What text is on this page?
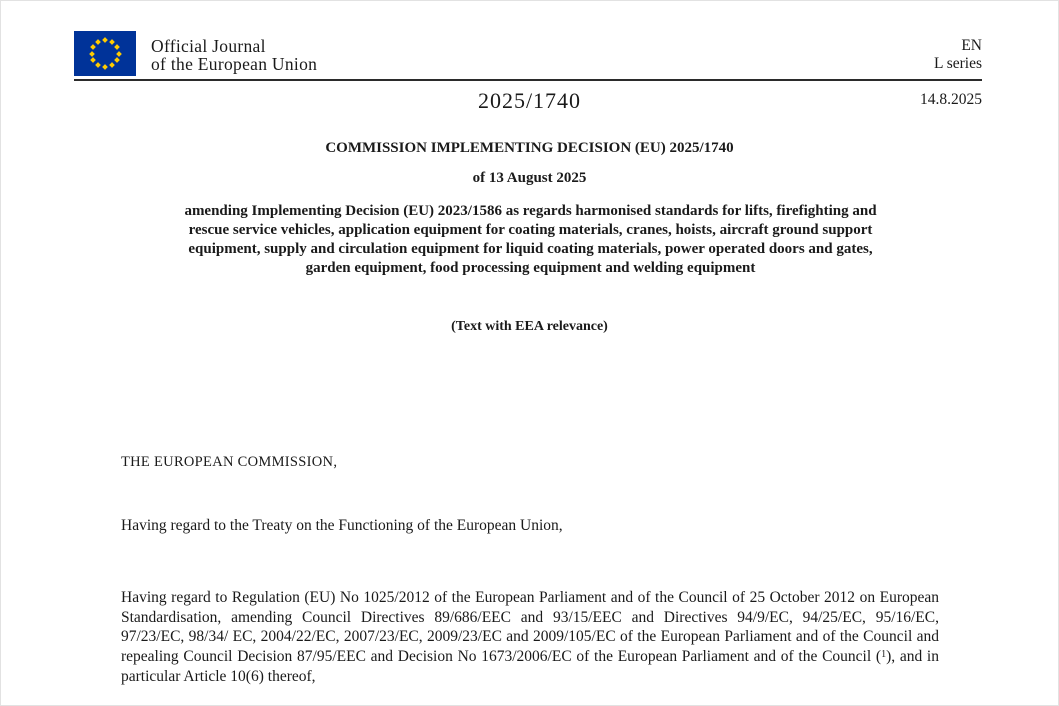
Official Journal
of the European Union
EN
L series
2025/1740	14.8.2025
COMMISSION IMPLEMENTING DECISION (EU) 2025/1740
of 13 August 2025
amending Implementing Decision (EU) 2023/1586 as regards harmonised standards for lifts, firefighting and rescue service vehicles, application equipment for coating materials, cranes, hoists, aircraft ground support equipment, supply and circulation equipment for liquid coating materials, power operated doors and gates, garden equipment, food processing equipment and welding equipment
(Text with EEA relevance)
THE EUROPEAN COMMISSION,
Having regard to the Treaty on the Functioning of the European Union,

Having regard to Regulation (EU) No 1025/2012 of the European Parliament and of the Council of 25 October 2012 on European Standardisation, amending Council Directives 89/686/EEC and 93/15/EEC and Directives 94/9/EC, 94/25/EC, 95/16/EC, 97/23/EC, 98/34/ EC, 2004/22/EC, 2007/23/EC, 2009/23/EC and 2009/105/EC of the European Parliament and of the Council and repealing Council Decision 87/95/EEC and Decision No 1673/2006/EC of the European Parliament and of the Council ($^1$), and in particular Article 10(6) thereof,
